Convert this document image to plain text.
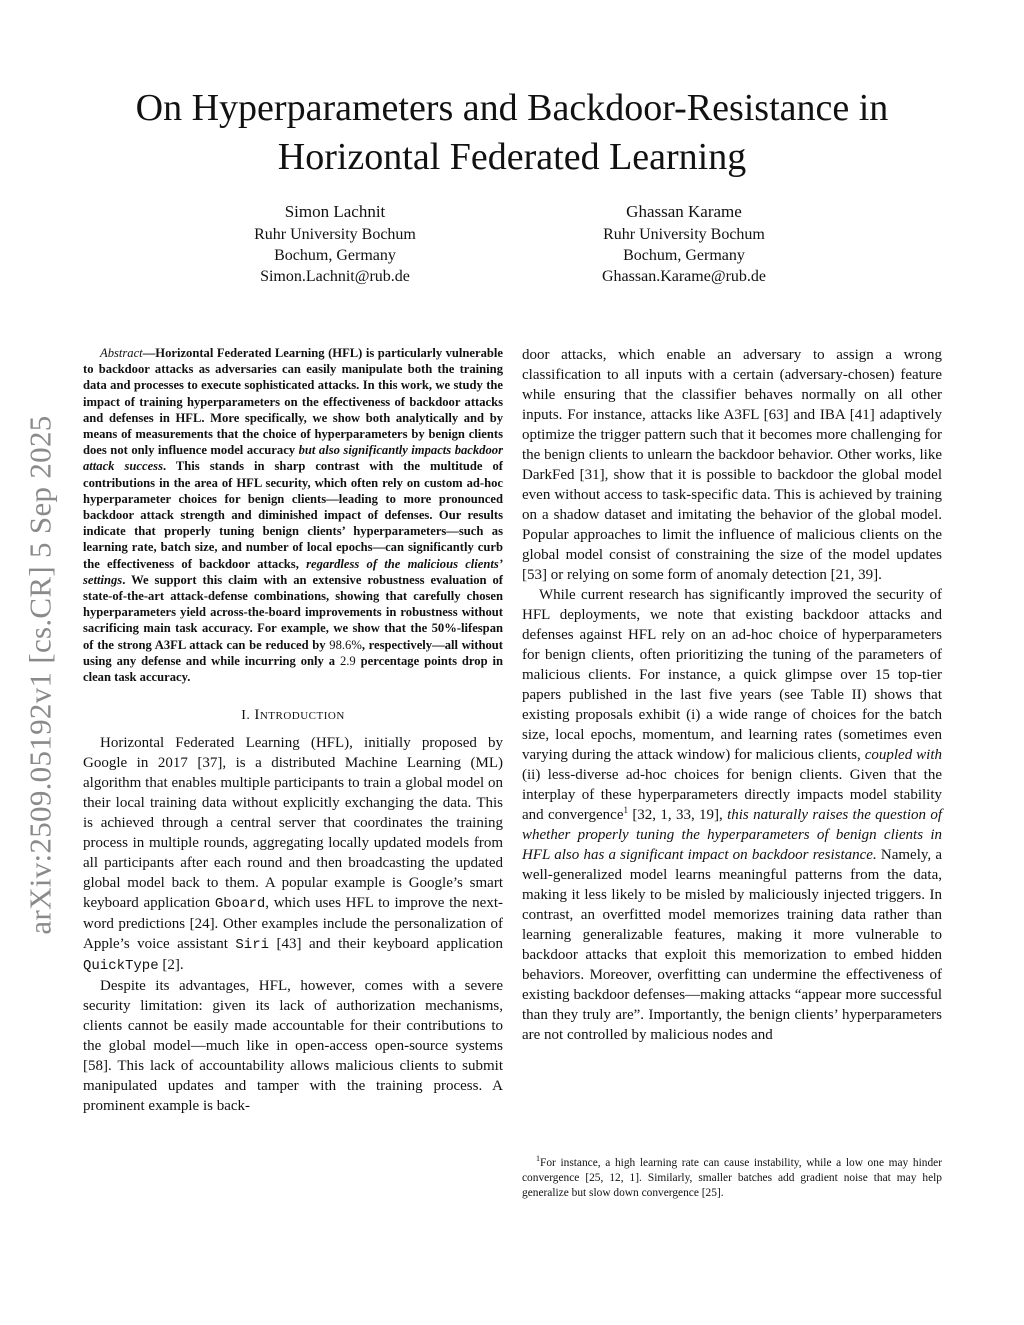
arXiv:2509.05192v1 [cs.CR] 5 Sep 2025
On Hyperparameters and Backdoor-Resistance in
Horizontal Federated Learning
Simon Lachnit
Ruhr University Bochum
Bochum, Germany
Simon.Lachnit@rub.de
Ghassan Karame
Ruhr University Bochum
Bochum, Germany
Ghassan.Karame@rub.de

Abstract—Horizontal Federated Learning (HFL) is particularly vulnerable to backdoor attacks as adversaries can easily manipulate both the training data and processes to execute sophisticated attacks. In this work, we study the impact of training hyperparameters on the effectiveness of backdoor attacks and defenses in HFL. More specifically, we show both analytically and by means of measurements that the choice of hyperparameters by benign clients does not only influence model accuracy but also significantly impacts backdoor attack success. This stands in sharp contrast with the multitude of contributions in the area of HFL security, which often rely on custom ad-hoc hyperparameter choices for benign clients—leading to more pronounced backdoor attack strength and diminished impact of defenses. Our results indicate that properly tuning benign clients’ hyperparameters—such as learning rate, batch size, and number of local epochs—can significantly curb the effectiveness of backdoor attacks, regardless of the malicious clients’ settings. We support this claim with an extensive robustness evaluation of state-of-the-art attack-defense combinations, showing that carefully chosen hyperparameters yield across-the-board improvements in robustness without sacrificing main task accuracy. For example, we show that the 50%-lifespan of the strong A3FL attack can be reduced by 98.6%, respectively—all without using any defense and while incurring only a 2.9 percentage points drop in clean task accuracy.

I. Introduction

Horizontal Federated Learning (HFL), initially proposed by Google in 2017 [37], is a distributed Machine Learning (ML) algorithm that enables multiple participants to train a global model on their local training data without explicitly exchanging the data. This is achieved through a central server that coordinates the training process in multiple rounds, aggregating locally updated models from all participants after each round and then broadcasting the updated global model back to them. A popular example is Google’s smart keyboard application Gboard, which uses HFL to improve the next-word predictions [24]. Other examples include the personalization of Apple’s voice assistant Siri [43] and their keyboard application QuickType [2].

Despite its advantages, HFL, however, comes with a severe security limitation: given its lack of authorization mechanisms, clients cannot be easily made accountable for their contributions to the global model—much like in open-access open-source systems [58]. This lack of accountability allows malicious clients to submit manipulated updates and tamper with the training process. A prominent example is back-

door attacks, which enable an adversary to assign a wrong classification to all inputs with a certain (adversary-chosen) feature while ensuring that the classifier behaves normally on all other inputs. For instance, attacks like A3FL [63] and IBA [41] adaptively optimize the trigger pattern such that it becomes more challenging for the benign clients to unlearn the backdoor behavior. Other works, like DarkFed [31], show that it is possible to backdoor the global model even without access to task-specific data. This is achieved by training on a shadow dataset and imitating the behavior of the global model. Popular approaches to limit the influence of malicious clients on the global model consist of constraining the size of the model updates [53] or relying on some form of anomaly detection [21, 39].

While current research has significantly improved the security of HFL deployments, we note that existing backdoor attacks and defenses against HFL rely on an ad-hoc choice of hyperparameters for benign clients, often prioritizing the tuning of the parameters of malicious clients. For instance, a quick glimpse over 15 top-tier papers published in the last five years (see Table II) shows that existing proposals exhibit (i) a wide range of choices for the batch size, local epochs, momentum, and learning rates (sometimes even varying during the attack window) for malicious clients, coupled with (ii) less-diverse ad-hoc choices for benign clients. Given that the interplay of these hyperparameters directly impacts model stability and convergence$^1$ [32, 1, 33, 19], this naturally raises the question of whether properly tuning the hyperparameters of benign clients in HFL also has a significant impact on backdoor resistance. Namely, a well-generalized model learns meaningful patterns from the data, making it less likely to be misled by maliciously injected triggers. In contrast, an overfitted model memorizes training data rather than learning generalizable features, making it more vulnerable to backdoor attacks that exploit this memorization to embed hidden behaviors. Moreover, overfitting can undermine the effectiveness of existing backdoor defenses—making attacks “appear more successful than they truly are”. Importantly, the benign clients’ hyperparameters are not controlled by malicious nodes and

$^1$For instance, a high learning rate can cause instability, while a low one may hinder convergence [25, 12, 1]. Similarly, smaller batches add gradient noise that may help generalize but slow down convergence [25].
